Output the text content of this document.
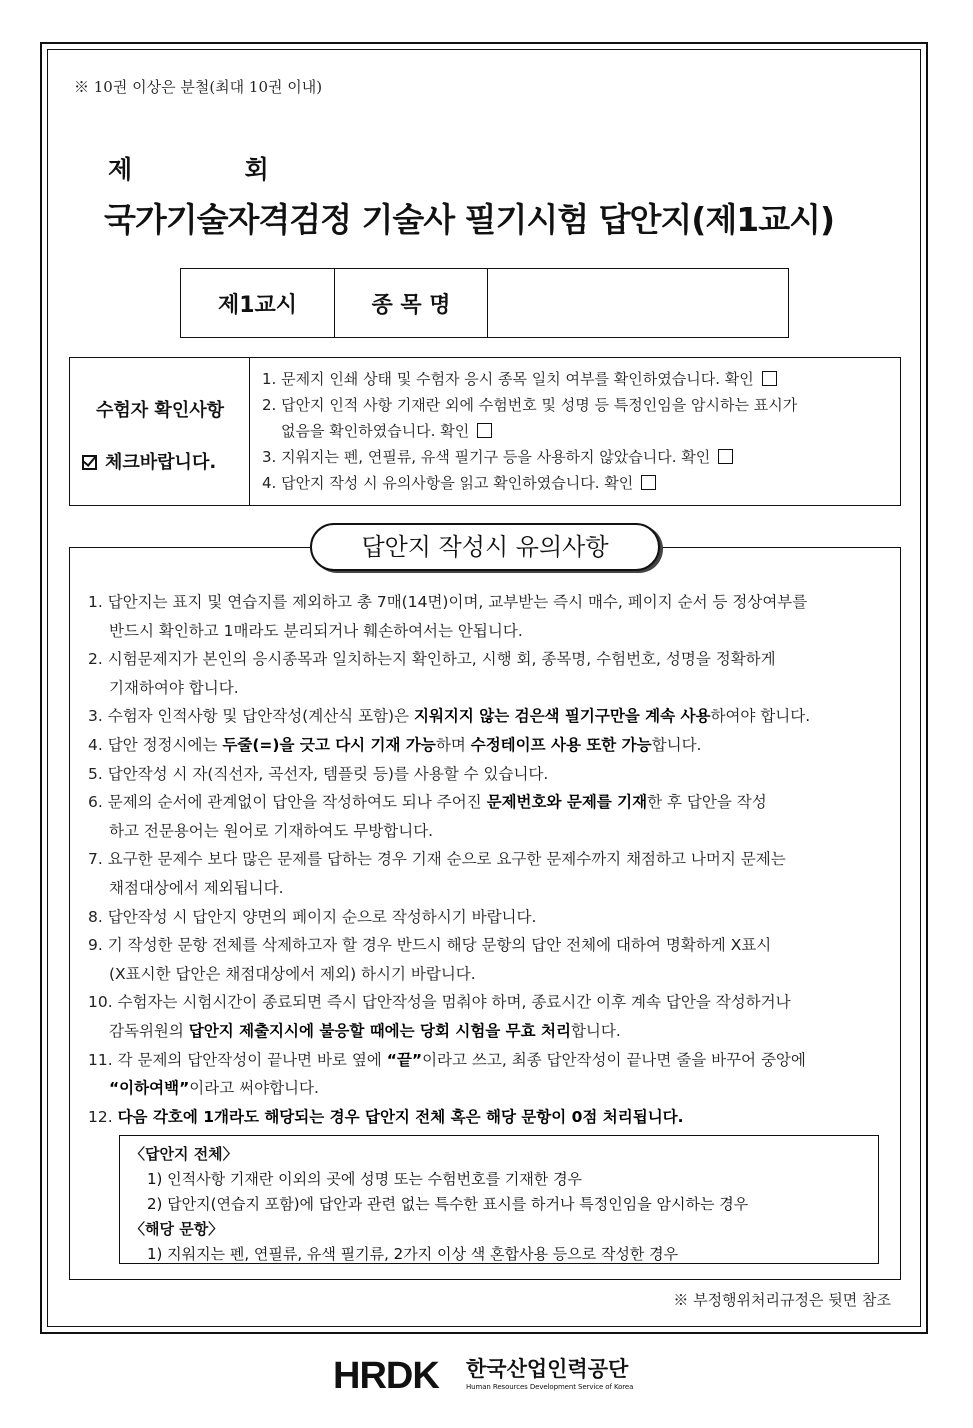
※ 10권 이상은 분철(최대 10권 이내)
제	회
국가기술자격검정 기술사 필기시험 답안지(제1교시)
제1교시	종 목 명	
수험자 확인사항
체크바랍니다.
1. 문제지 인쇄 상태 및 수험자 응시 종목 일치 여부를 확인하였습니다. 확인
2. 답안지 인적 사항 기재란 외에 수험번호 및 성명 등 특정인임을 암시하는 표시가
없음을 확인하였습니다. 확인
3. 지워지는 펜, 연필류, 유색 필기구 등을 사용하지 않았습니다. 확인
4. 답안지 작성 시 유의사항을 읽고 확인하였습니다. 확인
답안지 작성시 유의사항
1. 답안지는 표지 및 연습지를 제외하고 총 7매(14면)이며, 교부받는 즉시 매수, 페이지 순서 등 정상여부를
반드시 확인하고 1매라도 분리되거나 훼손하여서는 안됩니다.
2. 시험문제지가 본인의 응시종목과 일치하는지 확인하고, 시행 회, 종목명, 수험번호, 성명을 정확하게
기재하여야 합니다.
3. 수험자 인적사항 및 답안작성(계산식 포함)은 지워지지 않는 검은색 필기구만을 계속 사용하여야 합니다.
4. 답안 정정시에는 두줄(=)을 긋고 다시 기재 가능하며 수정테이프 사용 또한 가능합니다.
5. 답안작성 시 자(직선자, 곡선자, 템플릿 등)를 사용할 수 있습니다.
6. 문제의 순서에 관계없이 답안을 작성하여도 되나 주어진 문제번호와 문제를 기재한 후 답안을 작성
하고 전문용어는 원어로 기재하여도 무방합니다.
7. 요구한 문제수 보다 많은 문제를 답하는 경우 기재 순으로 요구한 문제수까지 채점하고 나머지 문제는
채점대상에서 제외됩니다.
8. 답안작성 시 답안지 양면의 페이지 순으로 작성하시기 바랍니다.
9. 기 작성한 문항 전체를 삭제하고자 할 경우 반드시 해당 문항의 답안 전체에 대하여 명확하게 X표시
(X표시한 답안은 채점대상에서 제외) 하시기 바랍니다.
10. 수험자는 시험시간이 종료되면 즉시 답안작성을 멈춰야 하며, 종료시간 이후 계속 답안을 작성하거나
감독위원의 답안지 제출지시에 불응할 때에는 당회 시험을 무효 처리합니다.
11. 각 문제의 답안작성이 끝나면 바로 옆에 “끝”이라고 쓰고, 최종 답안작성이 끝나면 줄을 바꾸어 중앙에
“이하여백”이라고 써야합니다.
12. 다음 각호에 1개라도 해당되는 경우 답안지 전체 혹은 해당 문항이 0점 처리됩니다.
〈답안지 전체〉
1) 인적사항 기재란 이외의 곳에 성명 또는 수험번호를 기재한 경우
2) 답안지(연습지 포함)에 답안과 관련 없는 특수한 표시를 하거나 특정인임을 암시하는 경우
〈해당 문항〉
1) 지워지는 펜, 연필류, 유색 필기류, 2가지 이상 색 혼합사용 등으로 작성한 경우
※ 부정행위처리규정은 뒷면 참조
HRDK 한국산업인력공단
Human Resources Development Service of Korea
